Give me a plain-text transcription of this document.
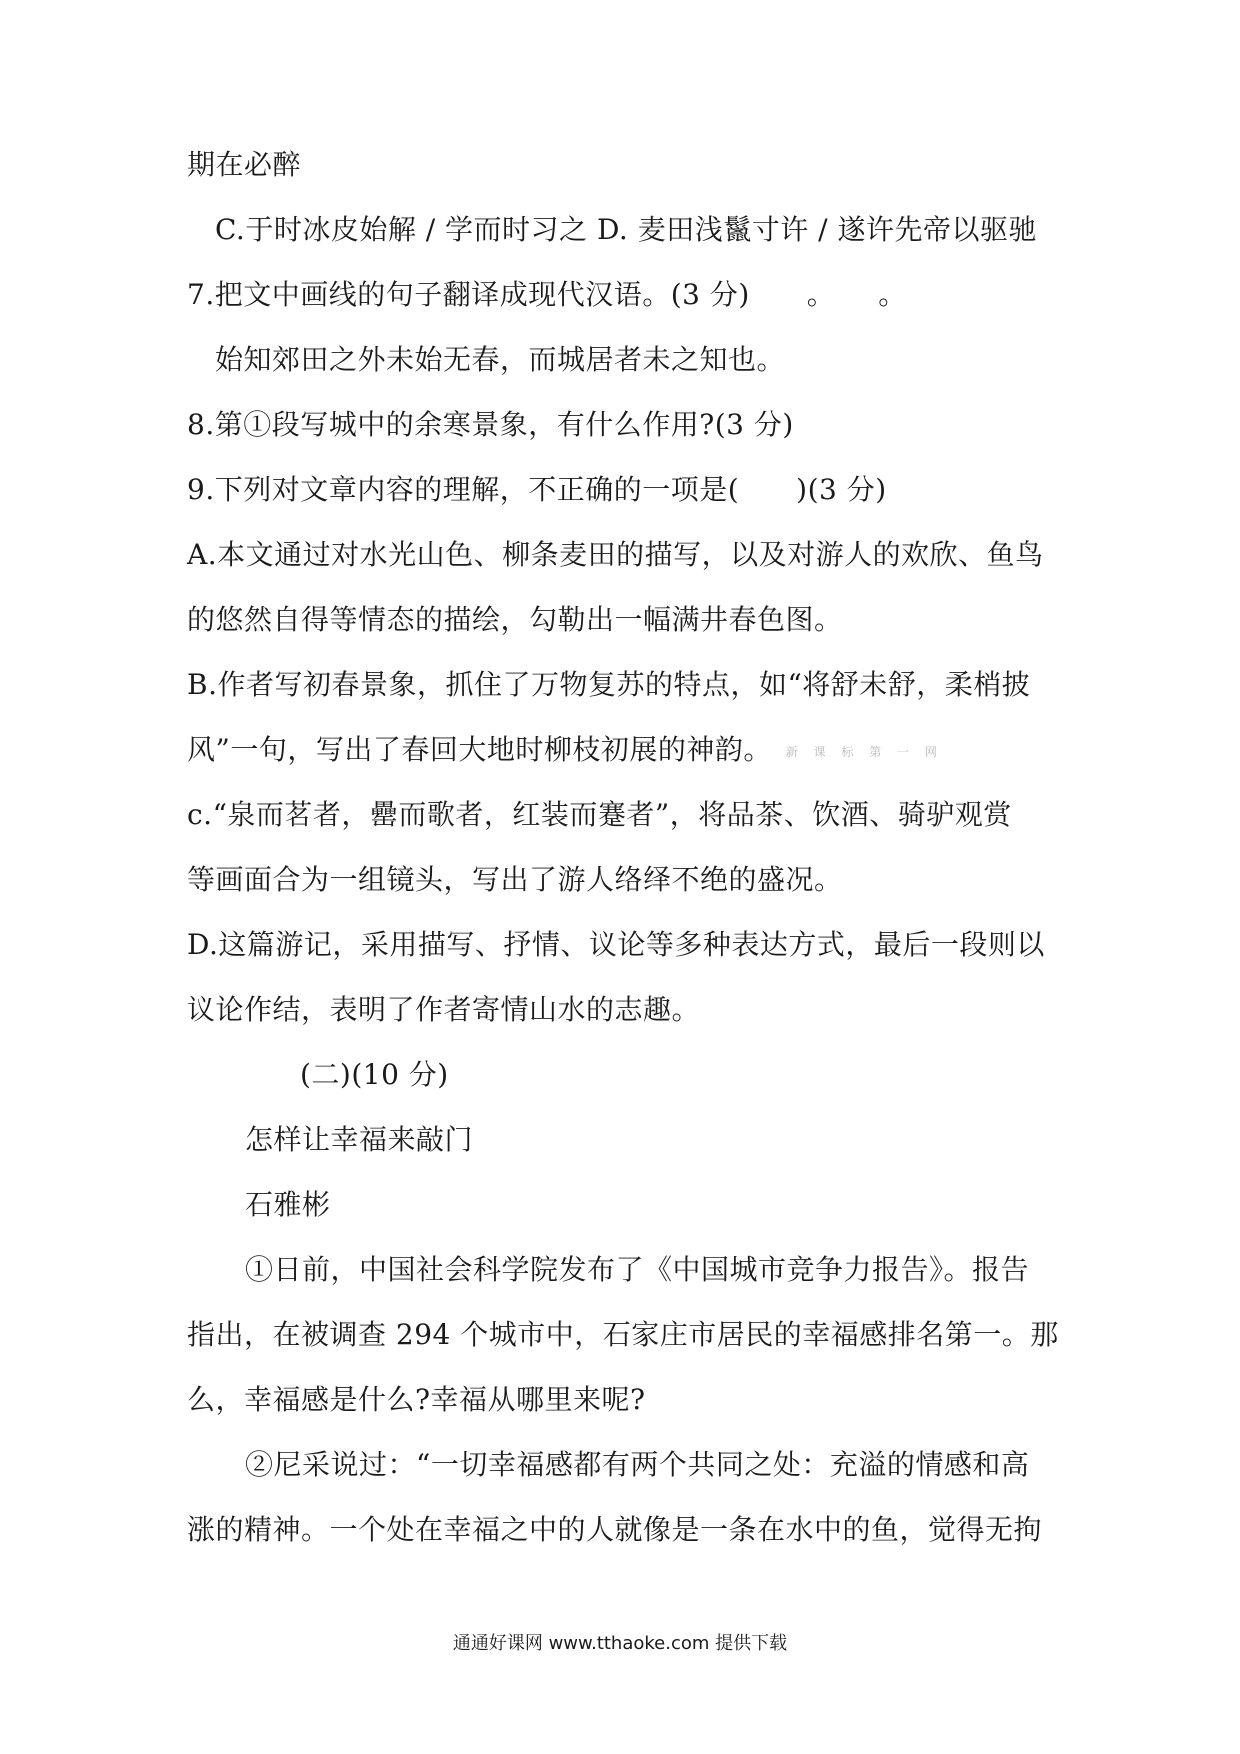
期在必醉
C.于时冰皮始解 / 学而时习之 D. 麦田浅鬣寸许 / 遂许先帝以驱驰
7.把文中画线的句子翻译成现代汉语。(3 分)　　。　　。
始知郊田之外未始无春，而城居者未之知也。
8.第①段写城中的余寒景象，有什么作用?(3 分)
9.下列对文章内容的理解，不正确的一项是(　　)(3 分)
A.本文通过对水光山色、柳条麦田的描写，以及对游人的欢欣、鱼鸟
的悠然自得等情态的描绘，勾勒出一幅满井春色图。
B.作者写初春景象，抓住了万物复苏的特点，如“将舒未舒，柔梢披
风”一句，写出了春回大地时柳枝初展的神韵。 新 课 标 第 一 网
c.“泉而茗者，罍而歌者，红装而蹇者”，将品茶、饮酒、骑驴观赏
等画面合为一组镜头，写出了游人络绎不绝的盛况。
D.这篇游记，采用描写、抒情、议论等多种表达方式，最后一段则以
议论作结，表明了作者寄情山水的志趣。
(二)(10 分)
怎样让幸福来敲门
石雅彬
①日前，中国社会科学院发布了《中国城市竞争力报告》。报告
指出，在被调查 294 个城市中，石家庄市居民的幸福感排名第一。那
么，幸福感是什么?幸福从哪里来呢?
②尼采说过：“一切幸福感都有两个共同之处：充溢的情感和高
涨的精神。一个处在幸福之中的人就像是一条在水中的鱼，觉得无拘
通通好课网 www.tthaoke.com 提供下载
